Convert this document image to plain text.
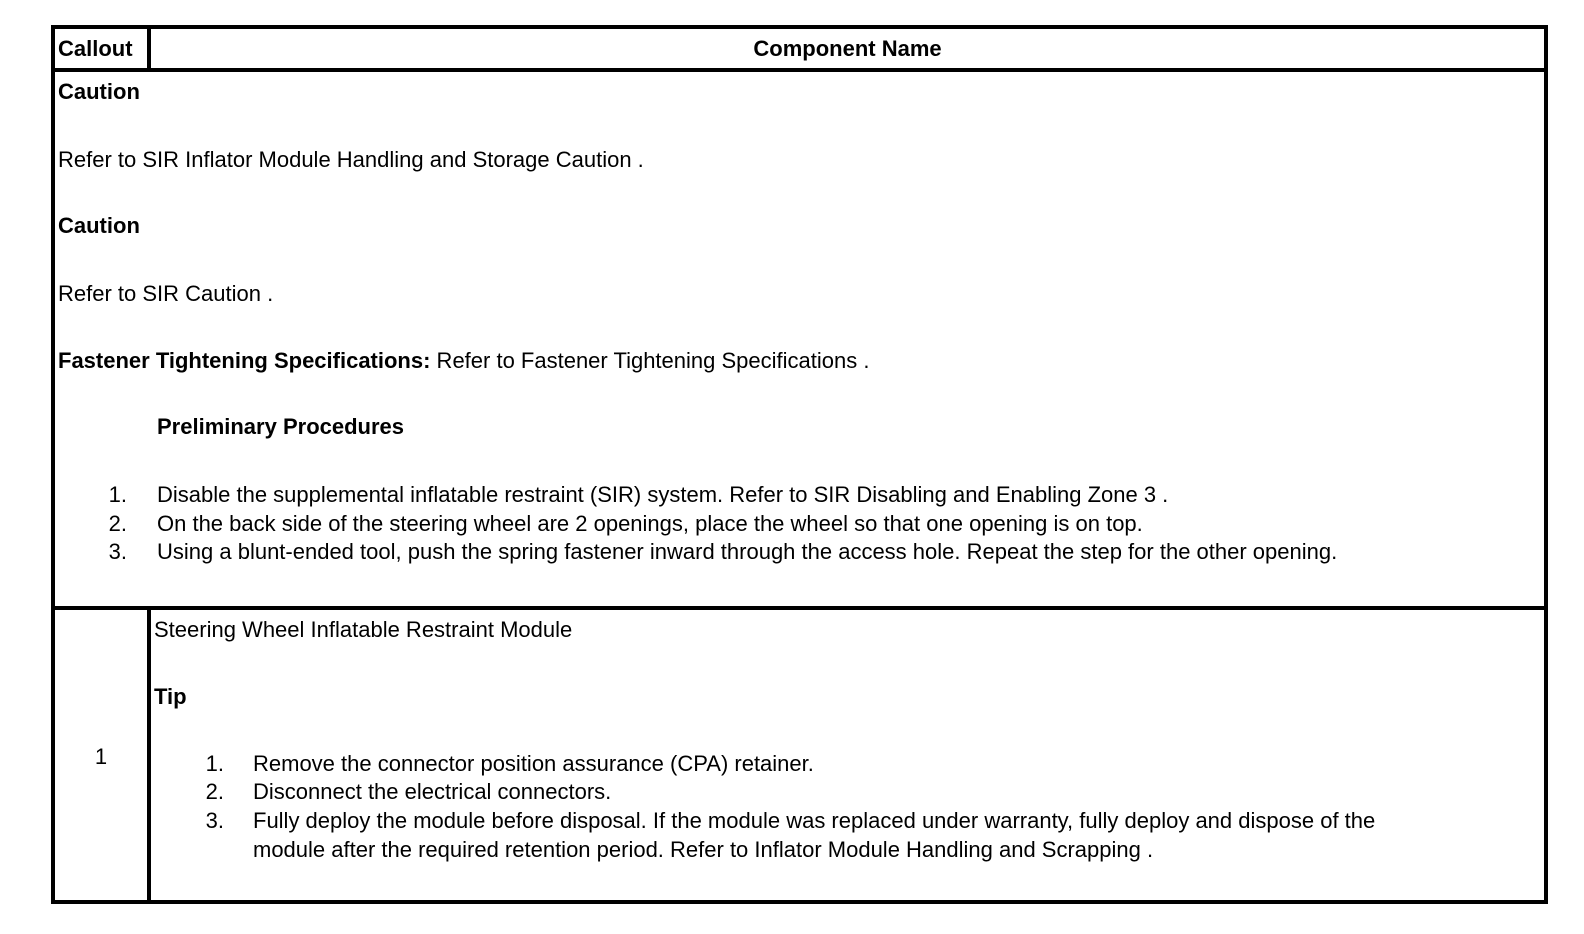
Callout	Component Name
Caution
Refer to SIR Inflator Module Handling and Storage Caution .
Caution
Refer to SIR Caution .
Fastener Tightening Specifications: Refer to Fastener Tightening Specifications .
Preliminary Procedures
1. Disable the supplemental inflatable restraint (SIR) system. Refer to SIR Disabling and Enabling Zone 3 .
2. On the back side of the steering wheel are 2 openings, place the wheel so that one opening is on top.
3. Using a blunt-ended tool, push the spring fastener inward through the access hole. Repeat the step for the other opening.
1
Steering Wheel Inflatable Restraint Module
Tip
1. Remove the connector position assurance (CPA) retainer.
2. Disconnect the electrical connectors.
3. Fully deploy the module before disposal. If the module was replaced under warranty, fully deploy and dispose of the
module after the required retention period. Refer to Inflator Module Handling and Scrapping .
